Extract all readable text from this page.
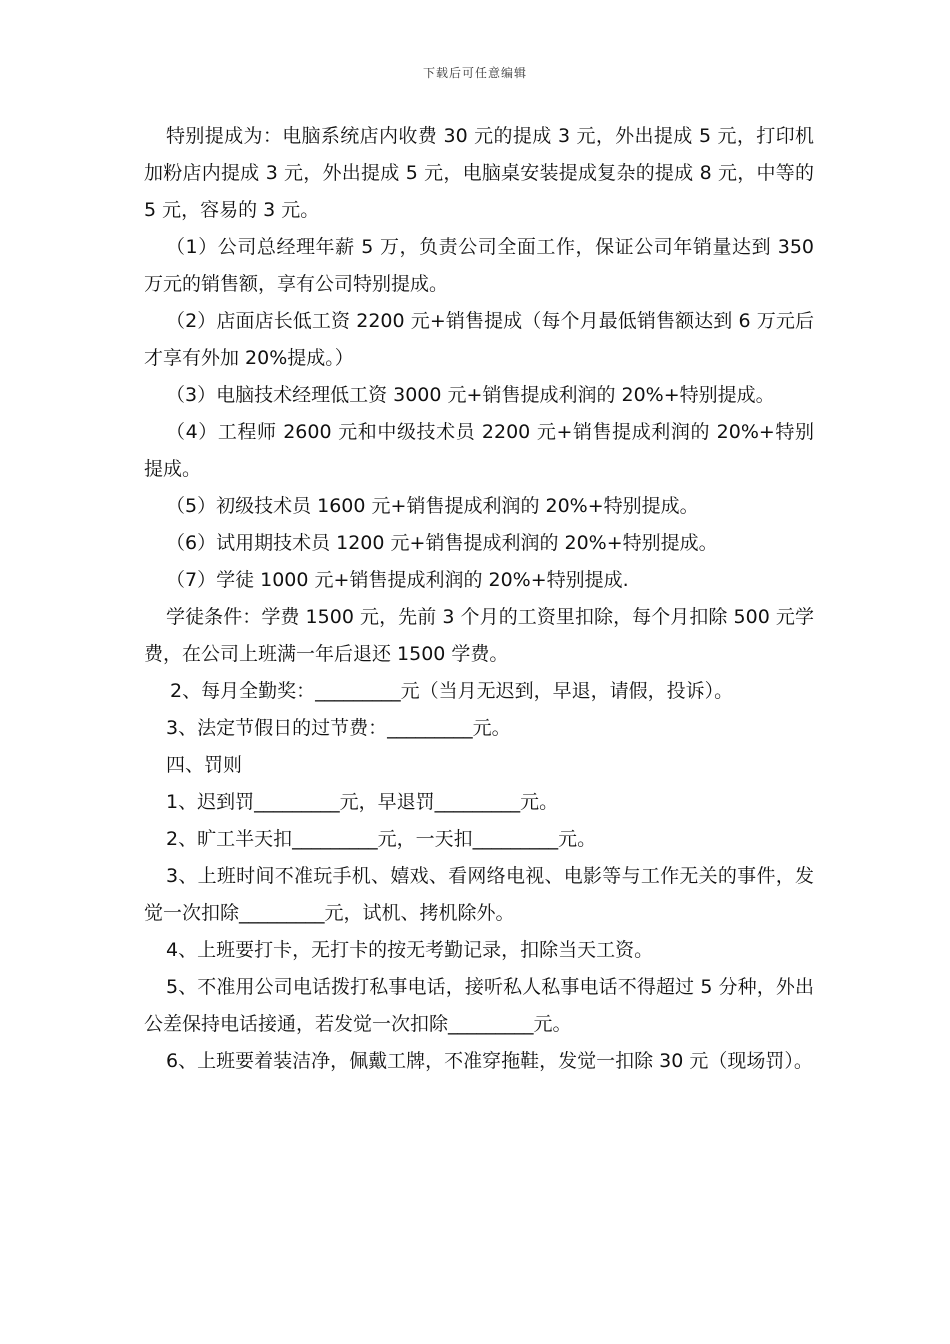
下载后可任意编辑

特别提成为：电脑系统店内收费 30 元的提成 3 元，外出提成 5 元，打印机加粉店内提成 3 元，外出提成 5 元，电脑桌安装提成复杂的提成 8 元，中等的 5 元，容易的 3 元。

（1）公司总经理年薪 5 万，负责公司全面工作，保证公司年销量达到 350 万元的销售额，享有公司特别提成。

（2）店面店长低工资 2200 元+销售提成（每个月最低销售额达到 6 万元后才享有外加 20%提成。）

（3）电脑技术经理低工资 3000 元+销售提成利润的 20%+特别提成。

（4）工程师 2600 元和中级技术员 2200 元+销售提成利润的 20%+特别提成。

（5）初级技术员 1600 元+销售提成利润的 20%+特别提成。

（6）试用期技术员 1200 元+销售提成利润的 20%+特别提成。

（7）学徒 1000 元+销售提成利润的 20%+特别提成.

学徒条件：学费 1500 元，先前 3 个月的工资里扣除，每个月扣除 500 元学费，在公司上班满一年后退还 1500 学费。

2、每月全勤奖：_________元（当月无迟到，早退，请假，投诉）。

3、法定节假日的过节费：_________元。

四、罚则

1、迟到罚_________元，早退罚_________元。

2、旷工半天扣_________元，一天扣_________元。

3、上班时间不准玩手机、嬉戏、看网络电视、电影等与工作无关的事件，发觉一次扣除_________元，试机、拷机除外。

4、上班要打卡，无打卡的按无考勤记录，扣除当天工资。

5、不准用公司电话拨打私事电话，接听私人私事电话不得超过 5 分种，外出公差保持电话接通，若发觉一次扣除_________元。

6、上班要着装洁净，佩戴工牌，不准穿拖鞋，发觉一扣除 30 元（现场罚）。
